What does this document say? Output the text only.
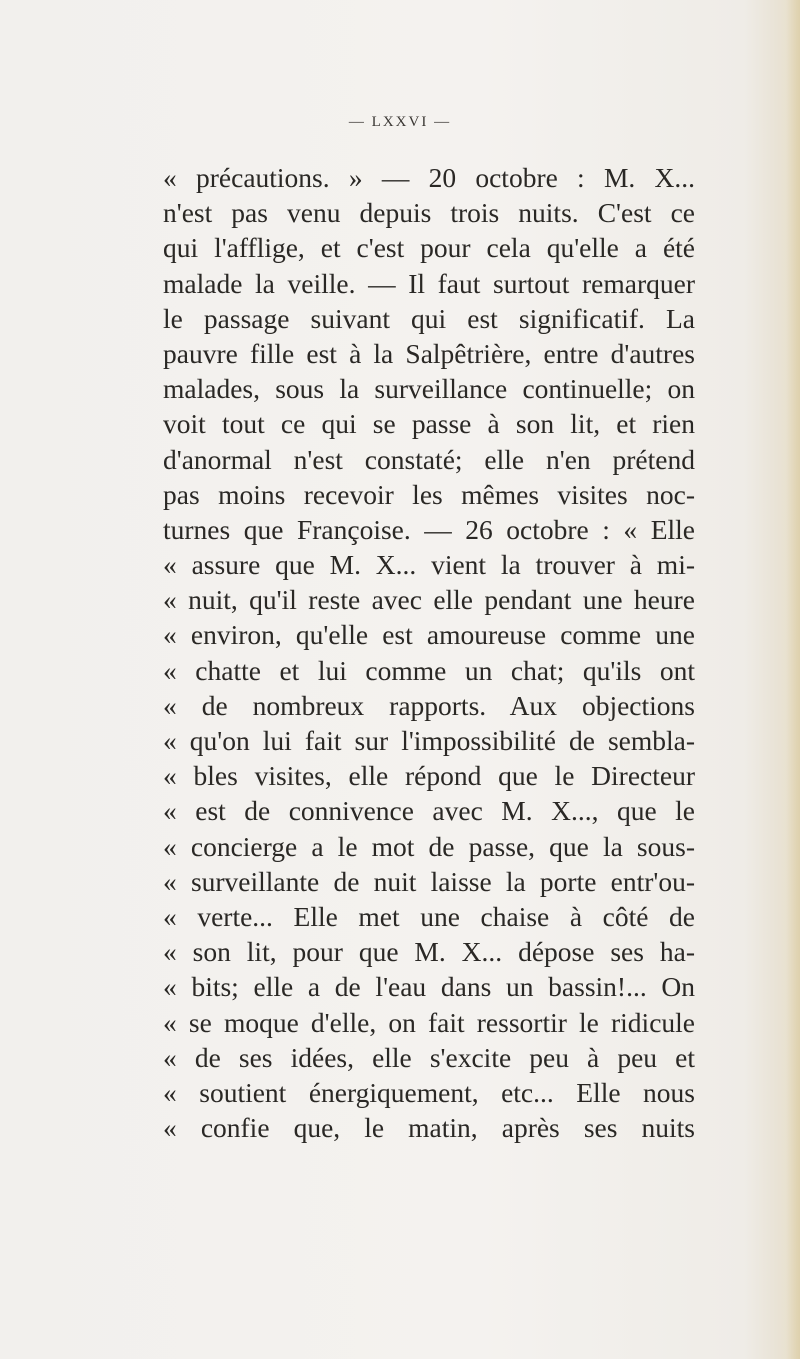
— LXXVI —
« précautions. » — 20 octobre : M. X...
n'est pas venu depuis trois nuits. C'est ce
qui l'afflige, et c'est pour cela qu'elle a été
malade la veille. — Il faut surtout remarquer
le passage suivant qui est significatif. La
pauvre fille est à la Salpêtrière, entre d'autres
malades, sous la surveillance continuelle; on
voit tout ce qui se passe à son lit, et rien
d'anormal n'est constaté; elle n'en prétend
pas moins recevoir les mêmes visites noc-
turnes que Françoise. — 26 octobre : « Elle
« assure que M. X... vient la trouver à mi-
« nuit, qu'il reste avec elle pendant une heure
« environ, qu'elle est amoureuse comme une
« chatte et lui comme un chat; qu'ils ont
« de nombreux rapports. Aux objections
« qu'on lui fait sur l'impossibilité de sembla-
« bles visites, elle répond que le Directeur
« est de connivence avec M. X..., que le
« concierge a le mot de passe, que la sous-
« surveillante de nuit laisse la porte entr'ou-
« verte... Elle met une chaise à côté de
« son lit, pour que M. X... dépose ses ha-
« bits; elle a de l'eau dans un bassin!... On
« se moque d'elle, on fait ressortir le ridicule
« de ses idées, elle s'excite peu à peu et
« soutient énergiquement, etc... Elle nous
« confie que, le matin, après ses nuits
